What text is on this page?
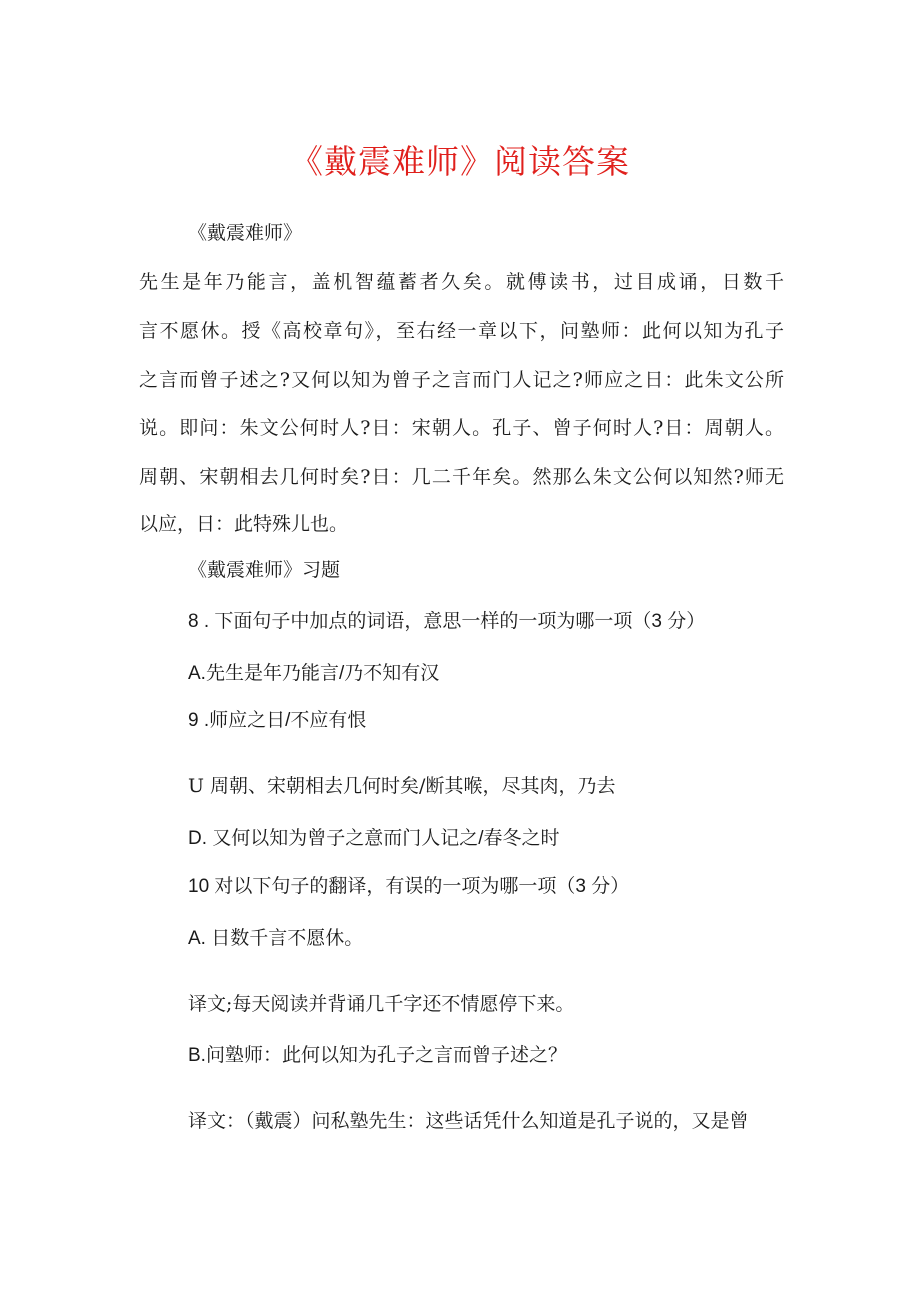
《戴震难师》阅读答案
《戴震难师》
先生是年乃能言，盖机智蕴蓄者久矣。就傅读书，过目成诵，日数千
言不愿休。授《高校章句》，至右经一章以下，问塾师：此何以知为孔子
之言而曾子述之?又何以知为曾子之言而门人记之?师应之日：此朱文公所
说。即问：朱文公何时人?日：宋朝人。孔子、曾子何时人?日：周朝人。
周朝、宋朝相去几何时矣?日：几二千年矣。然那么朱文公何以知然?师无
以应，日：此特殊儿也。
《戴震难师》习题
8 . 下面句子中加点的词语，意思一样的一项为哪一项（3 分）
A.先生是年乃能言/乃不知有汉
9 .师应之日/不应有恨
U 周朝、宋朝相去几何时矣/断其喉，尽其肉，乃去
D. 又何以知为曾子之意而门人记之/春冬之时
10 对以下句子的翻译，有误的一项为哪一项（3 分）
A. 日数千言不愿休。
译文;每天阅读并背诵几千字还不情愿停下来。
B.问塾师：此何以知为孔子之言而曾子述之？
译文：（戴震）问私塾先生：这些话凭什么知道是孔子说的，又是曾
